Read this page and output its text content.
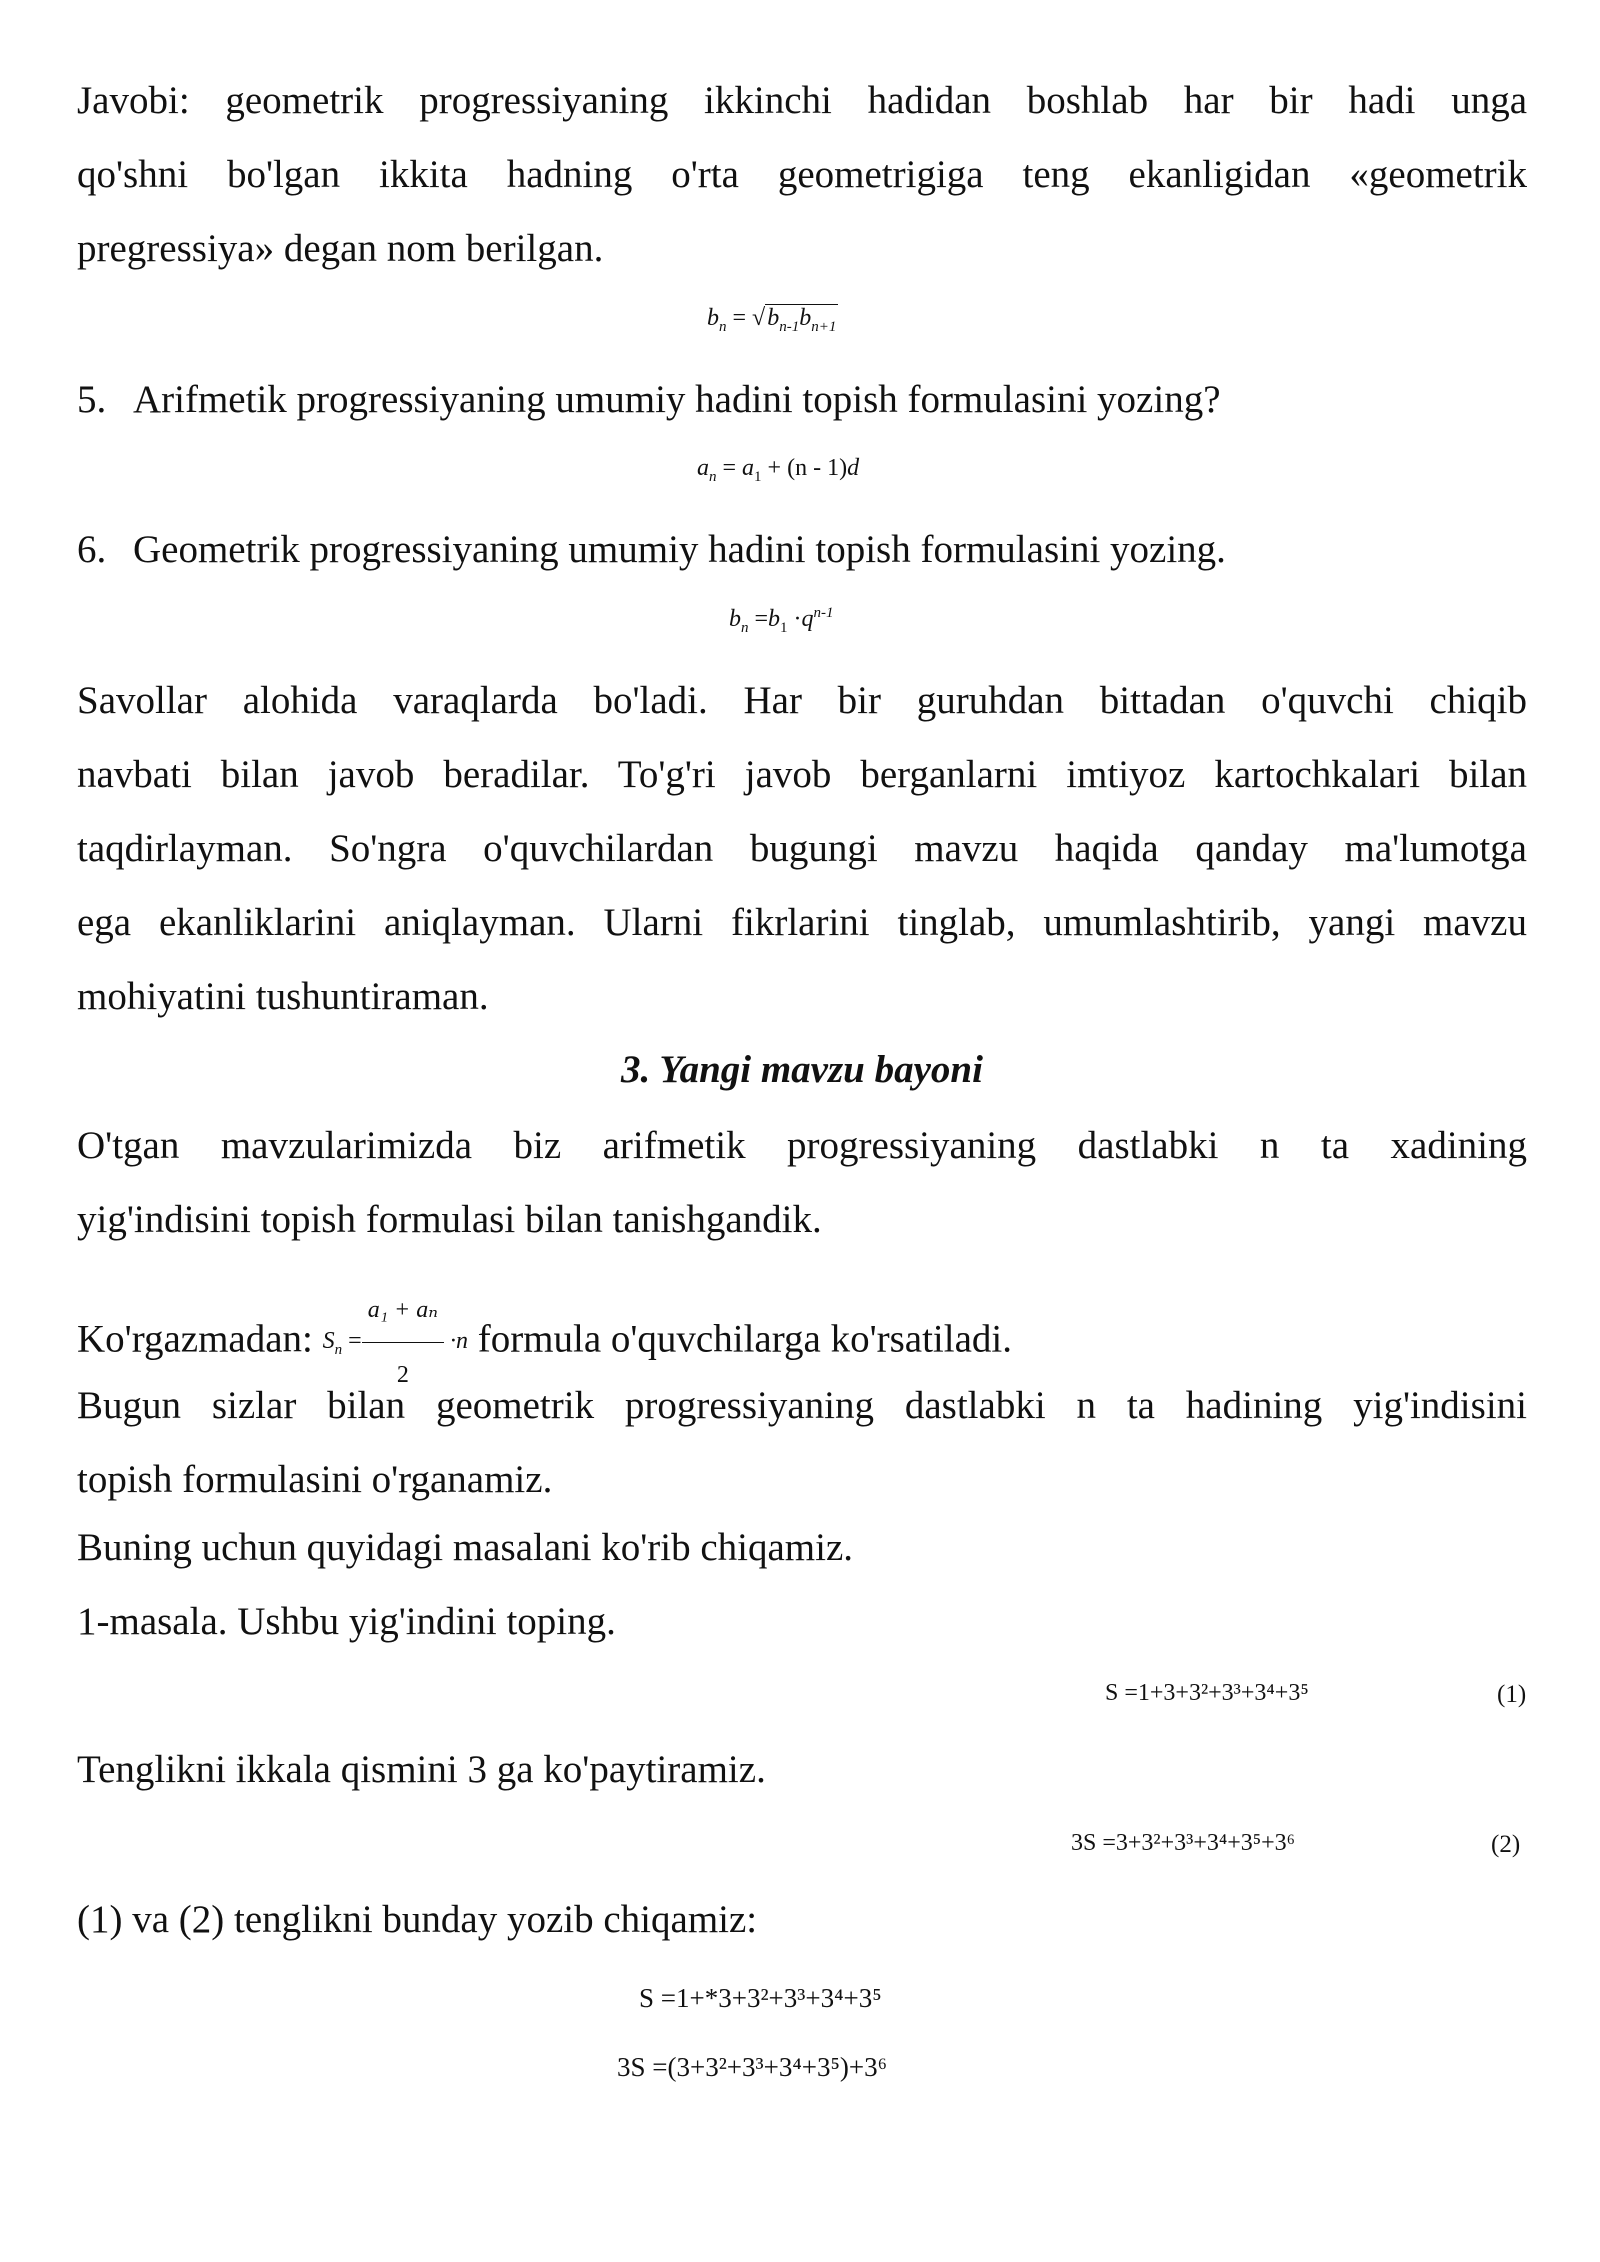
Javobi: geometrik progressiyaning ikkinchi hadidan boshlab har bir hadi unga
qo'shni bo'lgan ikkita hadning o'rta geometrigiga teng ekanligidan «geometrik
pregressiya» degan nom berilgan.
$b_n = √b_{n-1}b_{n+1}$
5. Arifmetik progressiyaning umumiy hadini topish formulasini yozing?
$a_n = a_1 + (n - 1)d$
6. Geometrik progressiyaning umumiy hadini topish formulasini yozing.
$b_n =b_1 \cdot q^{n-1}$
Savollar alohida varaqlarda bo'ladi. Har bir guruhdan bittadan o'quvchi chiqib
navbati bilan javob beradilar. To'g'ri javob berganlarni imtiyoz kartochkalari bilan
taqdirlayman. So'ngra o'quvchilardan bugungi mavzu haqida qanday ma'lumotga
ega ekanliklarini aniqlayman. Ularni fikrlarini tinglab, umumlashtirib, yangi mavzu
mohiyatini tushuntiraman.
3. Yangi mavzu bayoni
O'tgan mavzularimizda biz arifmetik progressiyaning dastlabki n ta xadining
yig'indisini topish formulasi bilan tanishgandik.
Ko'rgazmadan: $S_n = \frac{\text{a₁ + aₙ}}{2} \cdot n$ formula o'quvchilarga ko'rsatiladi.
Bugun sizlar bilan geometrik progressiyaning dastlabki n ta hadining yig'indisini
topish formulasini o'rganamiz.
Buning uchun quyidagi masalani ko'rib chiqamiz.
1-masala. Ushbu yig'indini toping.
S =1+3+3²+3³+3⁴+3⁵	(1)
Tenglikni ikkala qismini 3 ga ko'paytiramiz.
3S =3+3²+3³+3⁴+3⁵+3⁶	(2)
(1) va (2) tenglikni bunday yozib chiqamiz:
S =1+*3+3²+3³+3⁴+3⁵
3S =(3+3²+3³+3⁴+3⁵)+3⁶
